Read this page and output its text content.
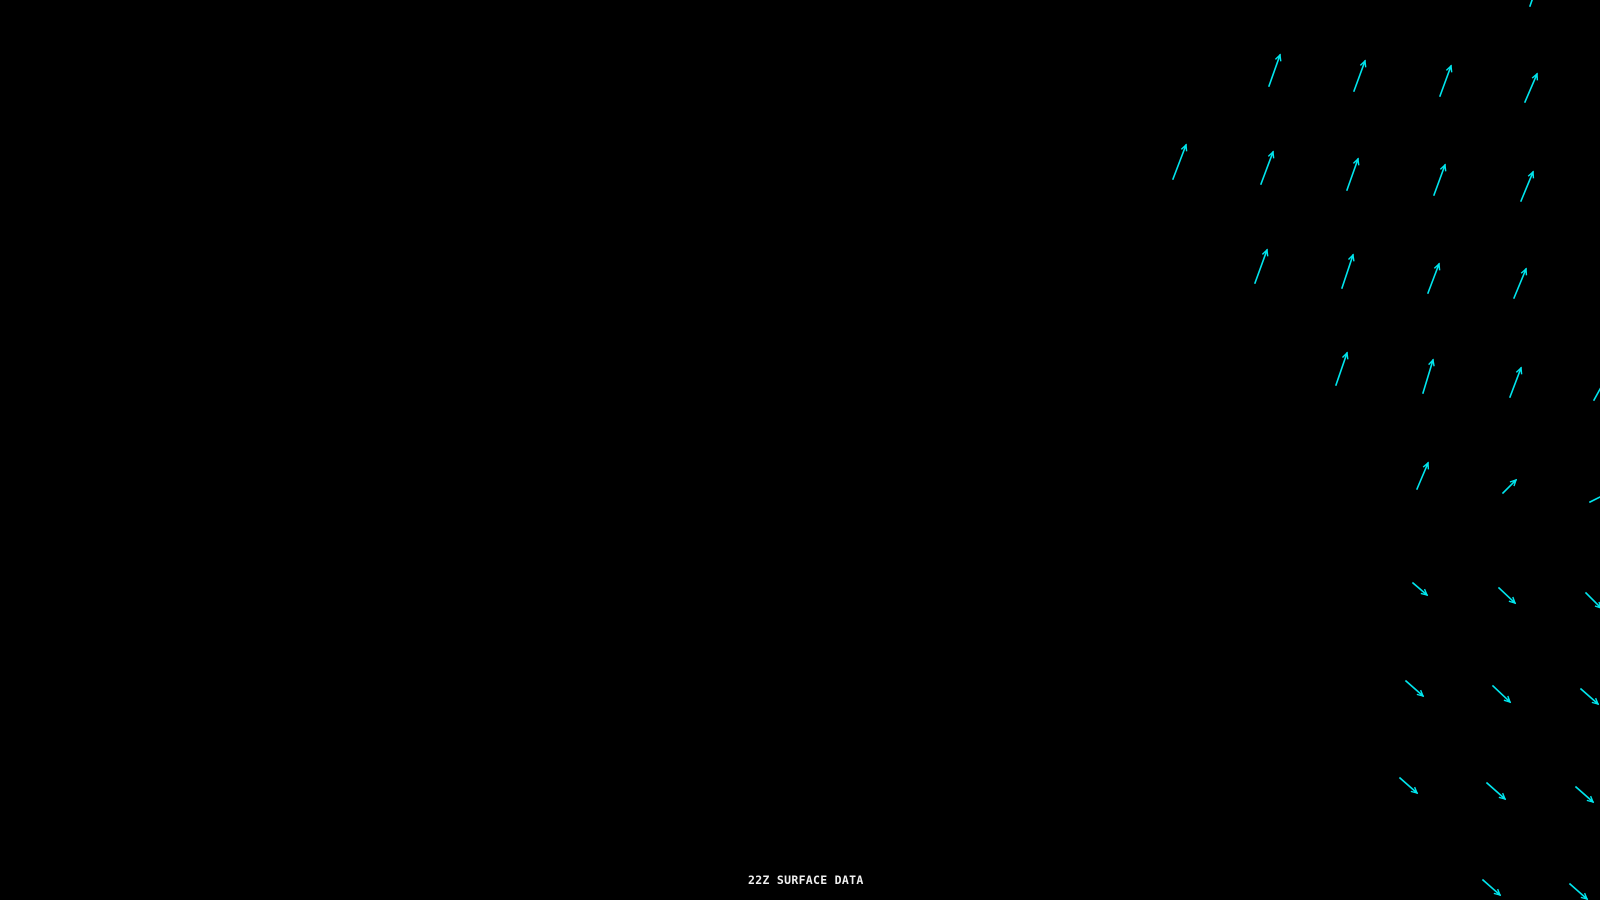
22Z SURFACE DATA
